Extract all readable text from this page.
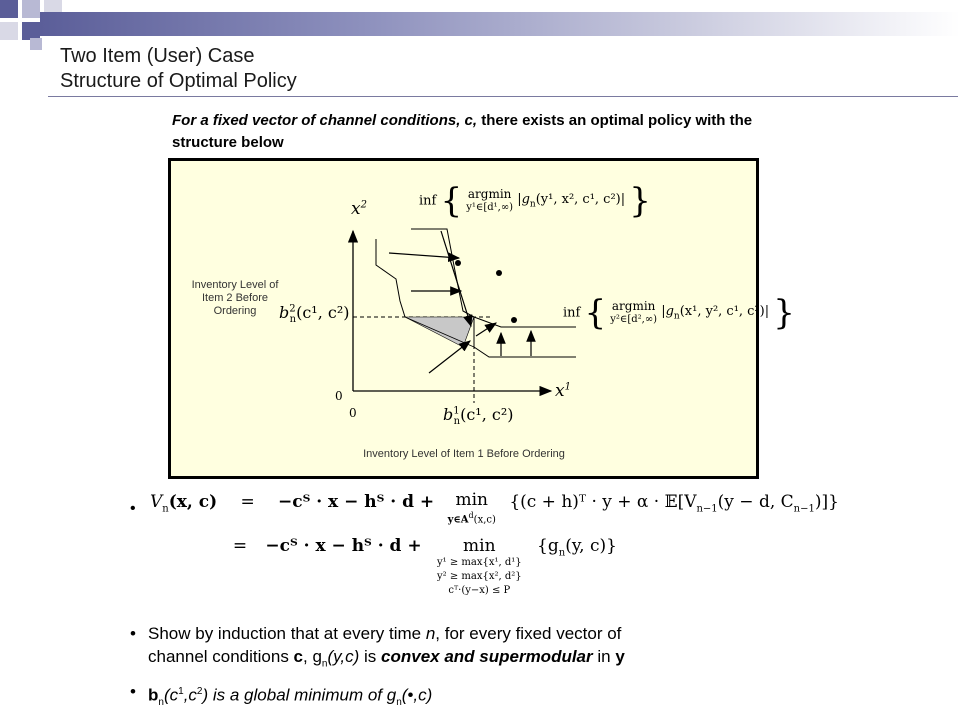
Two Item (User) Case
Structure of Optimal Policy
For a fixed vector of channel conditions, c, there exists an optimal policy with the structure below
$x^2$
$x^1$
0
0
$b^2_n(c^1$, c²)
$b^1_n(c^1$, c²)
inf { argmin
y¹∈[d¹,∞)
$|g_n(y^1$, x², c¹, c²)| }
inf { argmin
y²∈[d²,∞)
$|g_n(x^1$, y², c¹, c²)| }
Inventory Level of Item 2 Before Ordering
Inventory Level of Item 1 Before Ordering
• $V_n(x$, c) = −cᵀ · x − hᵀ · d +	min
$y\in A^d(x,c)$
{(c + h)ᵀ · $y + \alpha \cdot 𝔼[V_{n-1}(y - d$, $C_{n-1}$)]}
= −cᵀ · x − hᵀ · d +	min
y¹ ≥ max{x¹, d¹}
y² ≥ max{x², d²}
cᵀ·(y−x) ≤ P
{$g_n(y$, c)}
• Show by induction that at every time n, for every fixed vector of
channel conditions c, $g_n(y,c)$ is convex and supermodular in y
• $b_n(c^1,c^2)$ is a global minimum of $g_n(•,c)$
